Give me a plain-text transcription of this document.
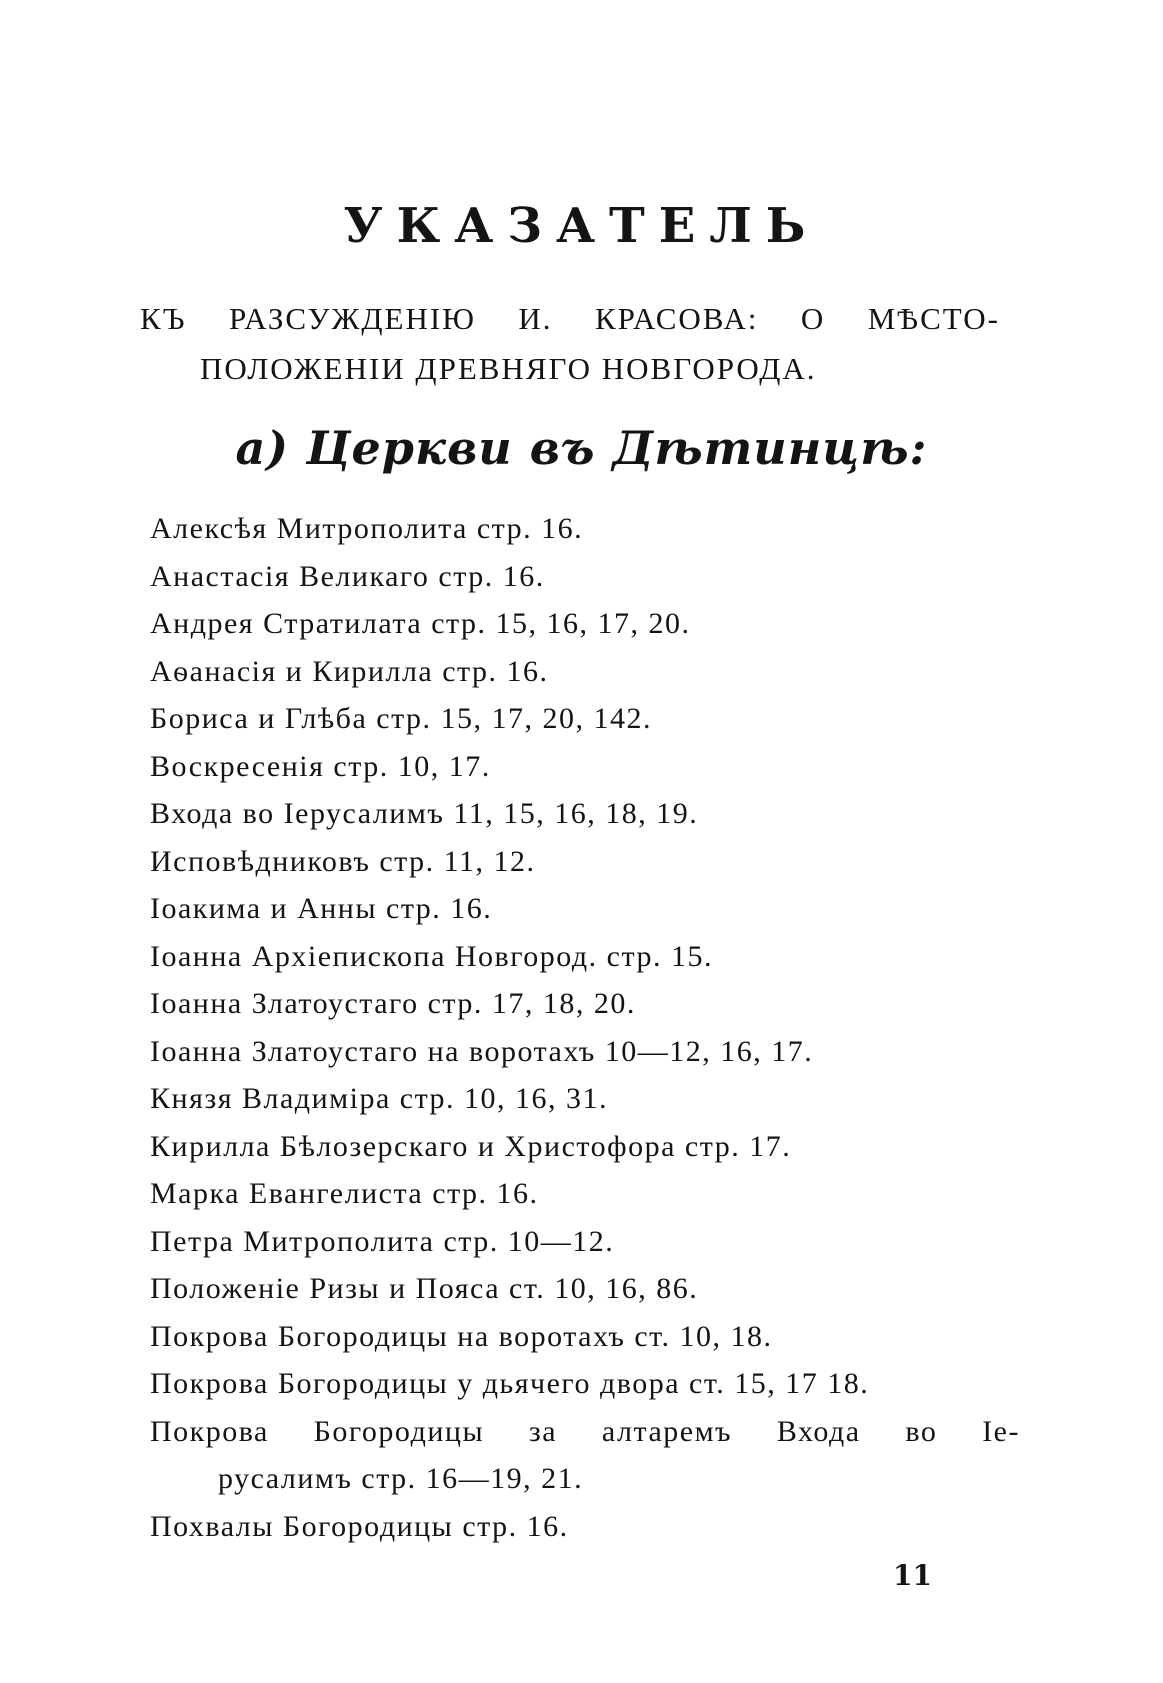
УКАЗАТЕЛЬ

КЪ РАЗСУЖДЕНІЮ И. КРАСОВА: О МѢСТО-
ПОЛОЖЕНІИ ДРЕВНЯГО НОВГОРОДА.

а) Церкви въ Дѣтинцѣ:
Алексѣя Митрополита стр. 16.
Анастасія Великаго стр. 16.
Андрея Стратилата стр. 15, 16, 17, 20.
Аѳанасія и Кирилла стр. 16.
Бориса и Глѣба стр. 15, 17, 20, 142.
Воскресенія стр. 10, 17.
Входа во Іерусалимъ 11, 15, 16, 18, 19.
Исповѣдниковъ стр. 11, 12.
Іоакима и Анны стр. 16.
Іоанна Архіепископа Новгород. стр. 15.
Іоанна Златоустаго стр. 17, 18, 20.
Іоанна Златоустаго на воротахъ 10—12, 16, 17.
Князя Владиміра стр. 10, 16, 31.
Кирилла Бѣлозерскаго и Христофора стр. 17.
Марка Евангелиста стр. 16.
Петра Митрополита стр. 10—12.
Положеніе Ризы и Пояса ст. 10, 16, 86.
Покрова Богородицы на воротахъ ст. 10, 18.
Покрова Богородицы у дьячего двора ст. 15, 17 18.
Покрова Богородицы за алтаремъ Входа во Іе-
русалимъ стр. 16—19, 21.
Похвалы Богородицы стр. 16.
11
